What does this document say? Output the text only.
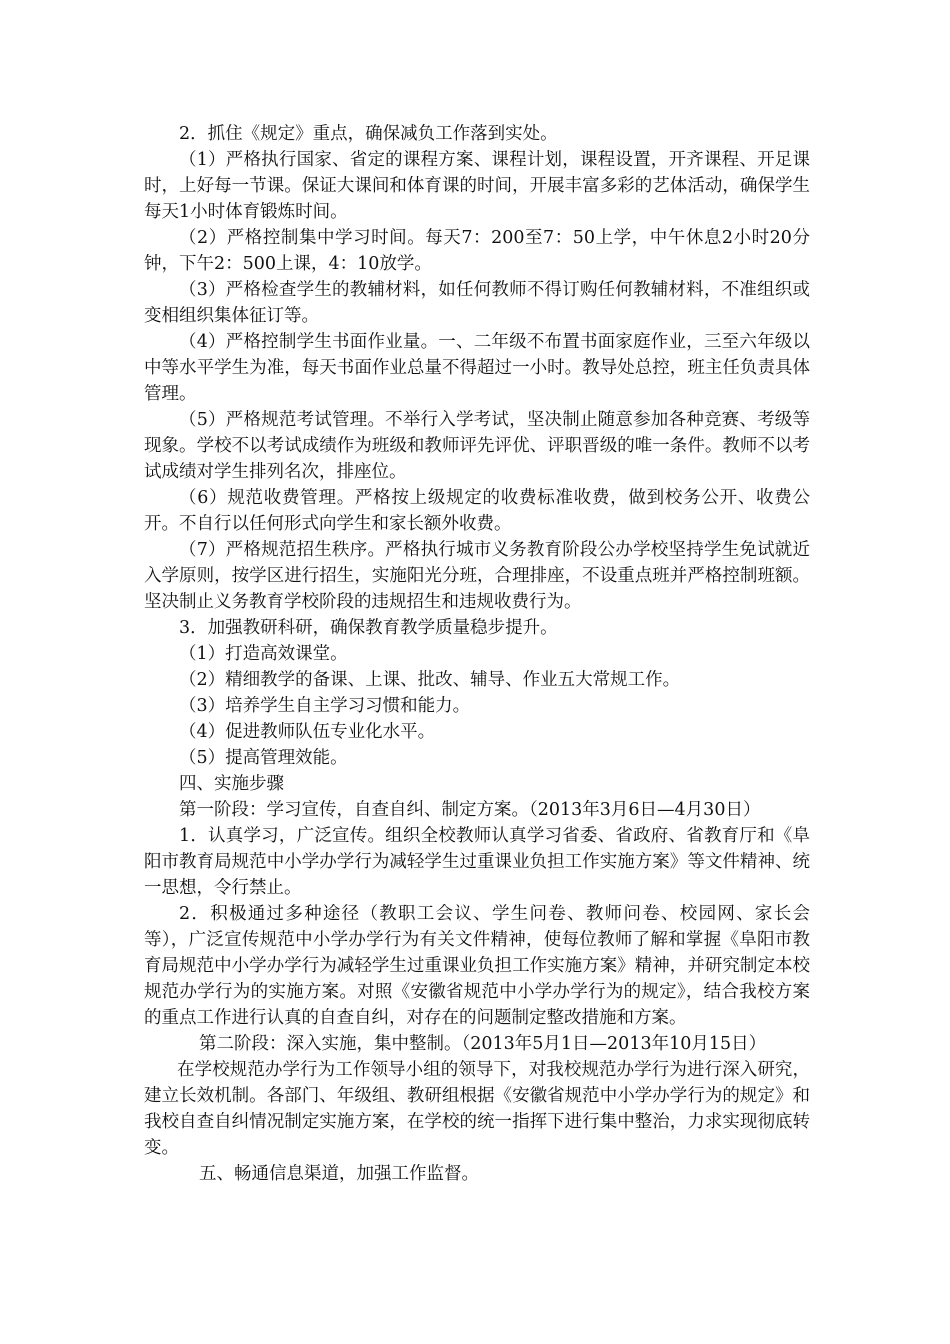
2．抓住《规定》重点，确保减负工作落到实处。

（1）严格执行国家、省定的课程方案、课程计划，课程设置，开齐课程、开足课时，上好每一节课。保证大课间和体育课的时间，开展丰富多彩的艺体活动，确保学生每天1小时体育锻炼时间。

（2）严格控制集中学习时间。每天7：200至7：50上学，中午休息2小时20分钟，下午2：500上课，4：10放学。

（3）严格检查学生的教辅材料，如任何教师不得订购任何教辅材料，不准组织或变相组织集体征订等。

（4）严格控制学生书面作业量。一、二年级不布置书面家庭作业，三至六年级以中等水平学生为准，每天书面作业总量不得超过一小时。教导处总控，班主任负责具体管理。

（5）严格规范考试管理。不举行入学考试，坚决制止随意参加各种竞赛、考级等现象。学校不以考试成绩作为班级和教师评先评优、评职晋级的唯一条件。教师不以考试成绩对学生排列名次，排座位。

（6）规范收费管理。严格按上级规定的收费标准收费，做到校务公开、收费公开。不自行以任何形式向学生和家长额外收费。

（7）严格规范招生秩序。严格执行城市义务教育阶段公办学校坚持学生免试就近入学原则，按学区进行招生，实施阳光分班，合理排座，不设重点班并严格控制班额。坚决制止义务教育学校阶段的违规招生和违规收费行为。

3．加强教研科研，确保教育教学质量稳步提升。

（1）打造高效课堂。

（2）精细教学的备课、上课、批改、辅导、作业五大常规工作。

（3）培养学生自主学习习惯和能力。

（4）促进教师队伍专业化水平。

（5）提高管理效能。

四、实施步骤

第一阶段：学习宣传，自查自纠、制定方案。（2013年3月6日—4月30日）

1．认真学习，广泛宣传。组织全校教师认真学习省委、省政府、省教育厅和《阜阳市教育局规范中小学办学行为减轻学生过重课业负担工作实施方案》等文件精神、统一思想，令行禁止。

2．积极通过多种途径（教职工会议、学生问卷、教师问卷、校园网、家长会等），广泛宣传规范中小学办学行为有关文件精神，使每位教师了解和掌握《阜阳市教育局规范中小学办学行为减轻学生过重课业负担工作实施方案》精神，并研究制定本校规范办学行为的实施方案。对照《安徽省规范中小学办学行为的规定》，结合我校方案的重点工作进行认真的自查自纠，对存在的问题制定整改措施和方案。

第二阶段：深入实施，集中整制。（2013年5月1日—2013年10月15日）

在学校规范办学行为工作领导小组的领导下，对我校规范办学行为进行深入研究，建立长效机制。各部门、年级组、教研组根据《安徽省规范中小学办学行为的规定》和我校自查自纠情况制定实施方案，在学校的统一指挥下进行集中整治，力求实现彻底转变。

五、畅通信息渠道，加强工作监督。
